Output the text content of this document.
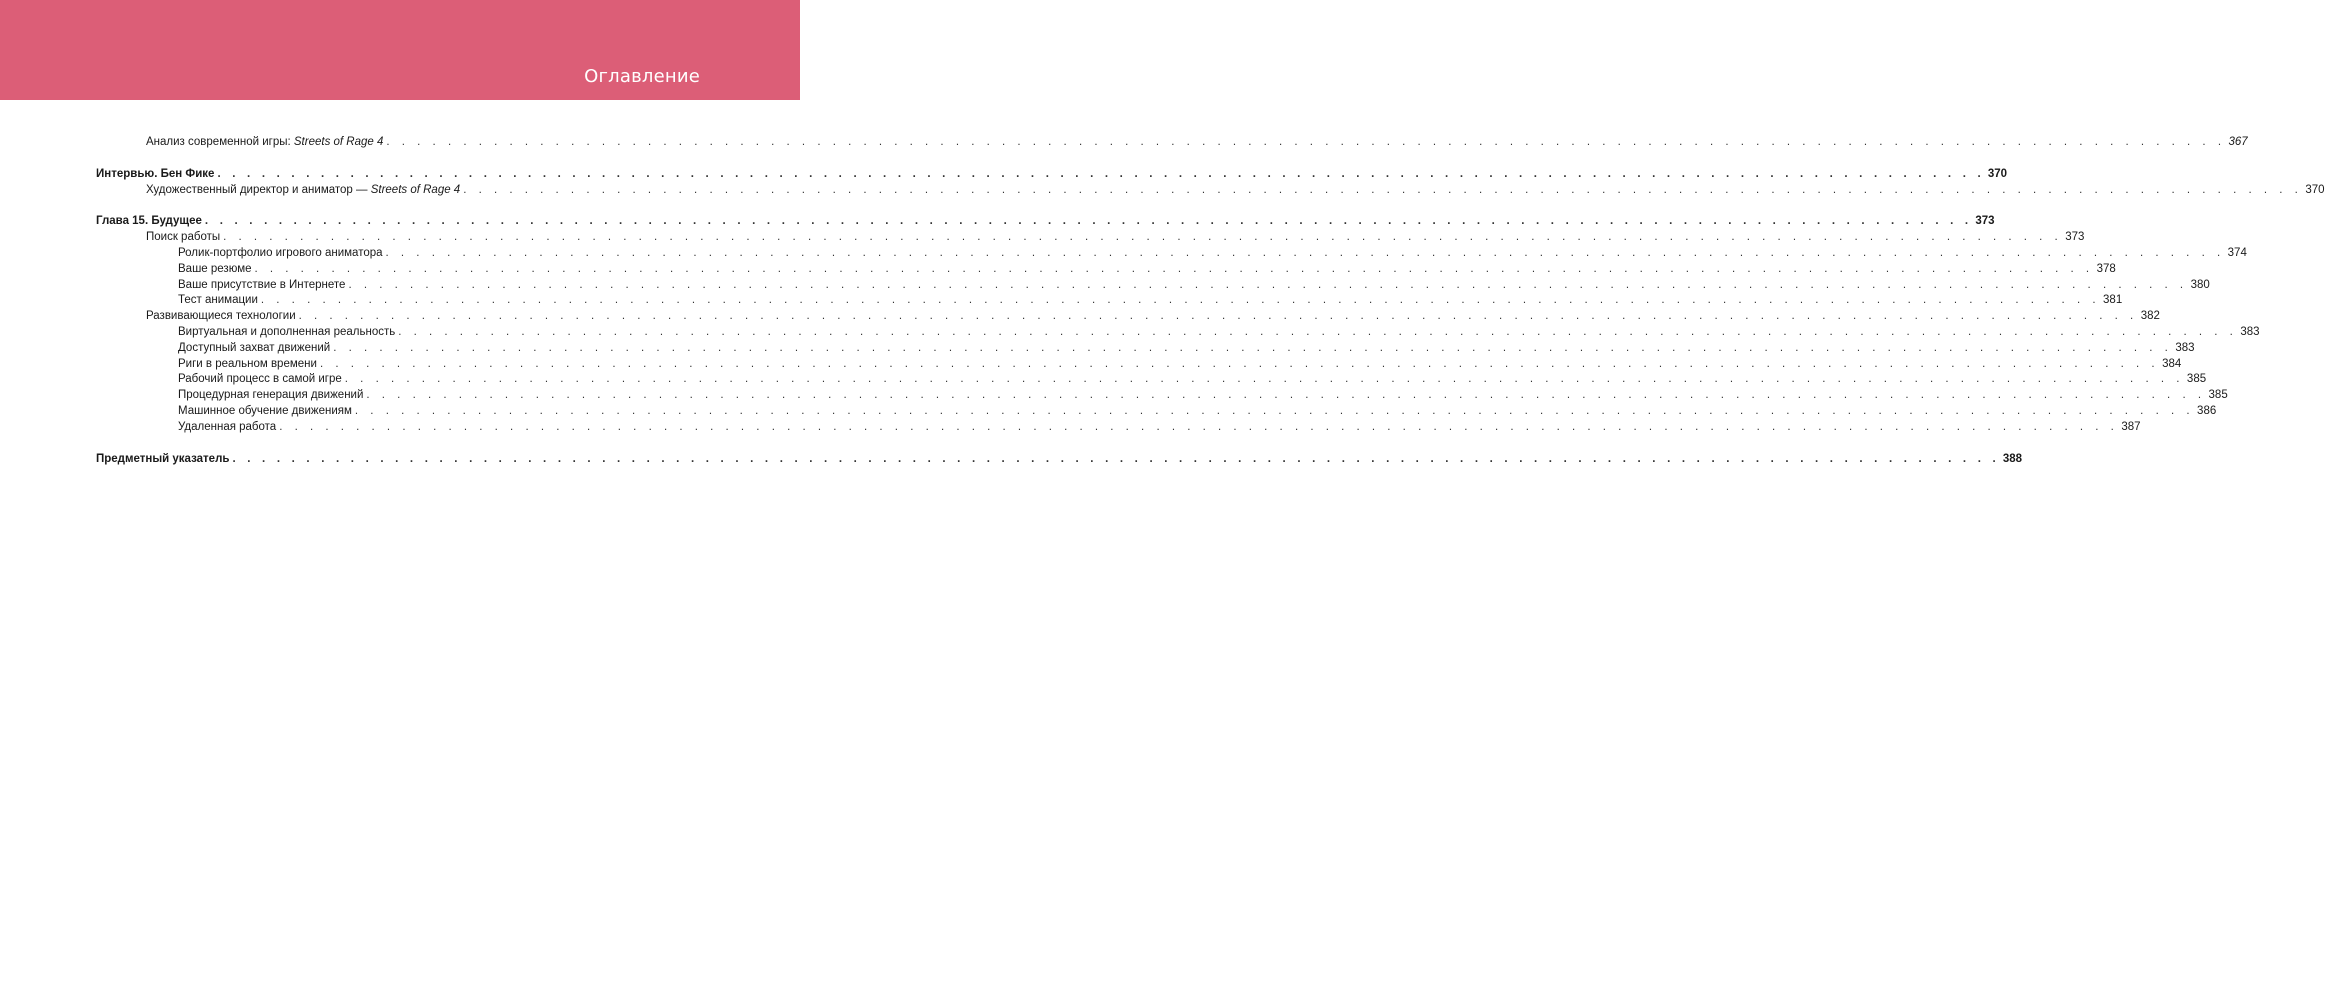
Оглавление
Анализ современной игры: Streets of Rage 4 . . . . . . . . . . . . . . . . . . . . . . . . . . . . . . . . . . . . . . . . . . . . . . . . . . . . . . . . . . . . . . . . . . . . . . . . . . . . . . . . . . . . . . . . . . . . . . . . . . . . . . . . . . . . . . . . . . . . . . . . 367
Интервью. Бен Фике . . . . . . . . . . . . . . . . . . . . . . . . . . . . . . . . . . . . . . . . . . . . . . . . . . . . . . . . . . . . . . . . . . . . . . . . . . . . . . . . . . . . . . . . . . . . . . . . . . . . . . . . . . . . . . . . . . . . . . . . 370
Художественный директор и аниматор — Streets of Rage 4 . . . . . . . . . . . . . . . . . . . . . . . . . . . . . . . . . . . . . . . . . . . . . . . . . . . . . . . . . . . . . . . . . . . . . . . . . . . . . . . . . . . . . . . . . . . . . . . . . . . . . . . . . . . . . . . . . . . . . . . . 370
Глава 15. Будущее . . . . . . . . . . . . . . . . . . . . . . . . . . . . . . . . . . . . . . . . . . . . . . . . . . . . . . . . . . . . . . . . . . . . . . . . . . . . . . . . . . . . . . . . . . . . . . . . . . . . . . . . . . . . . . . . . . . . . . . . 373
Поиск работы . . . . . . . . . . . . . . . . . . . . . . . . . . . . . . . . . . . . . . . . . . . . . . . . . . . . . . . . . . . . . . . . . . . . . . . . . . . . . . . . . . . . . . . . . . . . . . . . . . . . . . . . . . . . . . . . . . . . . . . . 373
Ролик-портфолио игрового аниматора . . . . . . . . . . . . . . . . . . . . . . . . . . . . . . . . . . . . . . . . . . . . . . . . . . . . . . . . . . . . . . . . . . . . . . . . . . . . . . . . . . . . . . . . . . . . . . . . . . . . . . . . . . . . . . . . . . . . . . . . 374
Ваше резюме . . . . . . . . . . . . . . . . . . . . . . . . . . . . . . . . . . . . . . . . . . . . . . . . . . . . . . . . . . . . . . . . . . . . . . . . . . . . . . . . . . . . . . . . . . . . . . . . . . . . . . . . . . . . . . . . . . . . . . . . 378
Ваше присутствие в Интернете . . . . . . . . . . . . . . . . . . . . . . . . . . . . . . . . . . . . . . . . . . . . . . . . . . . . . . . . . . . . . . . . . . . . . . . . . . . . . . . . . . . . . . . . . . . . . . . . . . . . . . . . . . . . . . . . . . . . . . . . 380
Тест анимации . . . . . . . . . . . . . . . . . . . . . . . . . . . . . . . . . . . . . . . . . . . . . . . . . . . . . . . . . . . . . . . . . . . . . . . . . . . . . . . . . . . . . . . . . . . . . . . . . . . . . . . . . . . . . . . . . . . . . . . . 381
Развивающиеся технологии . . . . . . . . . . . . . . . . . . . . . . . . . . . . . . . . . . . . . . . . . . . . . . . . . . . . . . . . . . . . . . . . . . . . . . . . . . . . . . . . . . . . . . . . . . . . . . . . . . . . . . . . . . . . . . . . . . . . . . . . 382
Виртуальная и дополненная реальность . . . . . . . . . . . . . . . . . . . . . . . . . . . . . . . . . . . . . . . . . . . . . . . . . . . . . . . . . . . . . . . . . . . . . . . . . . . . . . . . . . . . . . . . . . . . . . . . . . . . . . . . . . . . . . . . . . . . . . . . 383
Доступный захват движений . . . . . . . . . . . . . . . . . . . . . . . . . . . . . . . . . . . . . . . . . . . . . . . . . . . . . . . . . . . . . . . . . . . . . . . . . . . . . . . . . . . . . . . . . . . . . . . . . . . . . . . . . . . . . . . . . . . . . . . . 383
Риги в реальном времени . . . . . . . . . . . . . . . . . . . . . . . . . . . . . . . . . . . . . . . . . . . . . . . . . . . . . . . . . . . . . . . . . . . . . . . . . . . . . . . . . . . . . . . . . . . . . . . . . . . . . . . . . . . . . . . . . . . . . . . . 384
Рабочий процесс в самой игре . . . . . . . . . . . . . . . . . . . . . . . . . . . . . . . . . . . . . . . . . . . . . . . . . . . . . . . . . . . . . . . . . . . . . . . . . . . . . . . . . . . . . . . . . . . . . . . . . . . . . . . . . . . . . . . . . . . . . . . . 385
Процедурная генерация движений . . . . . . . . . . . . . . . . . . . . . . . . . . . . . . . . . . . . . . . . . . . . . . . . . . . . . . . . . . . . . . . . . . . . . . . . . . . . . . . . . . . . . . . . . . . . . . . . . . . . . . . . . . . . . . . . . . . . . . . . 385
Машинное обучение движениям . . . . . . . . . . . . . . . . . . . . . . . . . . . . . . . . . . . . . . . . . . . . . . . . . . . . . . . . . . . . . . . . . . . . . . . . . . . . . . . . . . . . . . . . . . . . . . . . . . . . . . . . . . . . . . . . . . . . . . . . 386
Удаленная работа . . . . . . . . . . . . . . . . . . . . . . . . . . . . . . . . . . . . . . . . . . . . . . . . . . . . . . . . . . . . . . . . . . . . . . . . . . . . . . . . . . . . . . . . . . . . . . . . . . . . . . . . . . . . . . . . . . . . . . . . 387
Предметный указатель . . . . . . . . . . . . . . . . . . . . . . . . . . . . . . . . . . . . . . . . . . . . . . . . . . . . . . . . . . . . . . . . . . . . . . . . . . . . . . . . . . . . . . . . . . . . . . . . . . . . . . . . . . . . . . . . . . . . . . . . 388
